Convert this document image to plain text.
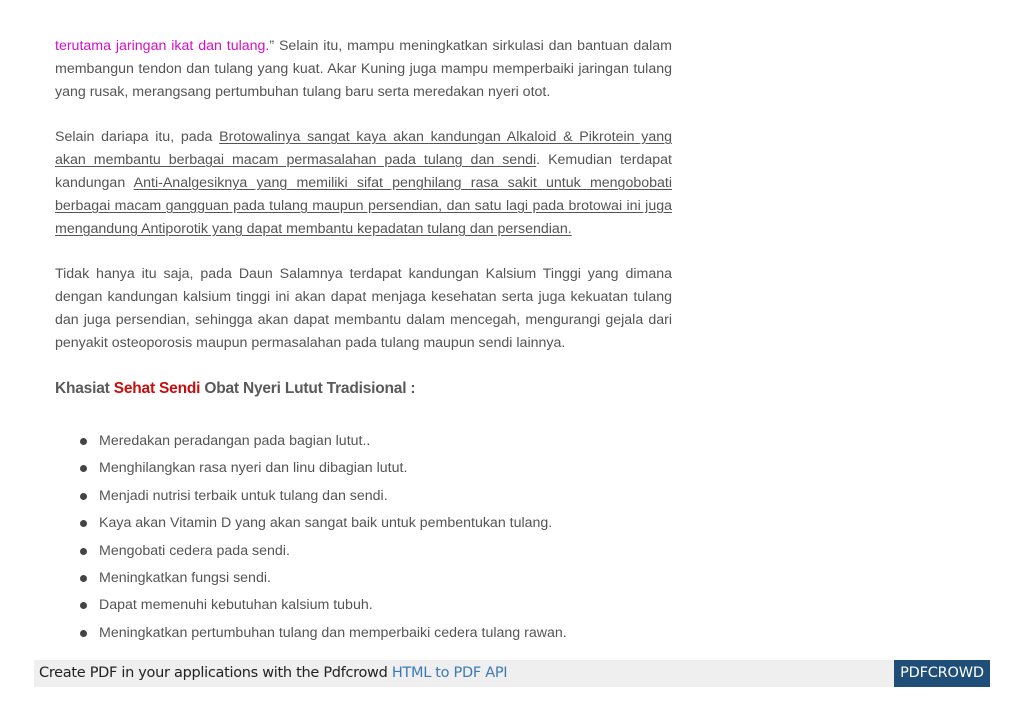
terutama jaringan ikat dan tulang.” Selain itu, mampu meningkatkan sirkulasi dan bantuan dalam membangun tendon dan tulang yang kuat. Akar Kuning juga mampu memperbaiki jaringan tulang yang rusak, merangsang pertumbuhan tulang baru serta meredakan nyeri otot.

Selain dariapa itu, pada Brotowalinya sangat kaya akan kandungan Alkaloid & Pikrotein yang akan membantu berbagai macam permasalahan pada tulang dan sendi. Kemudian terdapat kandungan Anti-Analgesiknya yang memiliki sifat penghilang rasa sakit untuk mengobobati berbagai macam gangguan pada tulang maupun persendian, dan satu lagi pada brotowai ini juga mengandung Antiporotik yang dapat membantu kepadatan tulang dan persendian.

Tidak hanya itu saja, pada Daun Salamnya terdapat kandungan Kalsium Tinggi yang dimana dengan kandungan kalsium tinggi ini akan dapat menjaga kesehatan serta juga kekuatan tulang dan juga persendian, sehingga akan dapat membantu dalam mencegah, mengurangi gejala dari penyakit osteoporosis maupun permasalahan pada tulang maupun sendi lainnya.

Khasiat Sehat Sendi Obat Nyeri Lutut Tradisional :
Meredakan peradangan pada bagian lutut..
Menghilangkan rasa nyeri dan linu dibagian lutut.
Menjadi nutrisi terbaik untuk tulang dan sendi.
Kaya akan Vitamin D yang akan sangat baik untuk pembentukan tulang.
Mengobati cedera pada sendi.
Meningkatkan fungsi sendi.
Dapat memenuhi kebutuhan kalsium tubuh.
Meningkatkan pertumbuhan tulang dan memperbaiki cedera tulang rawan.
Create PDF in your applications with the Pdfcrowd HTML to PDF API	PDFCROWD
